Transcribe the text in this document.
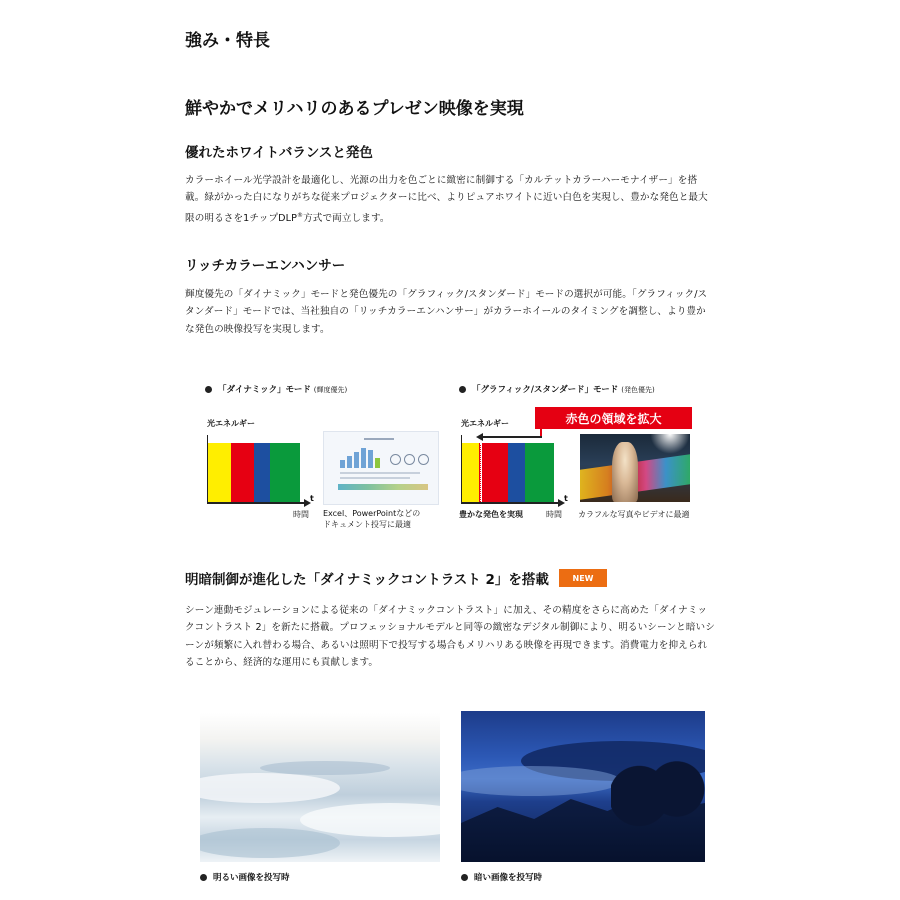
強み・特長
鮮やかでメリハリのあるプレゼン映像を実現
優れたホワイトバランスと発色
カラーホイール光学設計を最適化し、光源の出力を色ごとに緻密に制御する「カルテットカラーハーモナイザー」を搭載。緑がかった白になりがちな従来プロジェクターに比べ、よりピュアホワイトに近い白色を実現し、豊かな発色と最大限の明るさを1チップDLP®方式で両立します。
リッチカラーエンハンサー
輝度優先の「ダイナミック」モードと発色優先の「グラフィック/スタンダード」モードの選択が可能。「グラフィック/スタンダード」モードでは、当社独自の「リッチカラーエンハンサー」がカラーホイールのタイミングを調整し、より豊かな発色の映像投写を実現します。
「ダイナミック」モード (輝度優先)
光エネルギー
t
時間 Excel、PowerPointなどの
ドキュメント投写に最適
「グラフィック/スタンダード」モード (発色優先)
赤色の領域を拡大
光エネルギー
t
豊かな発色を実現	時間 カラフルな写真やビデオに最適
明暗制御が進化した「ダイナミックコントラスト 2」を搭載	NEW
シーン連動モジュレーションによる従来の「ダイナミックコントラスト」に加え、その精度をさらに高めた「ダイナミックコントラスト 2」を新たに搭載。プロフェッショナルモデルと同等の緻密なデジタル制御により、明るいシーンと暗いシーンが頻繁に入れ替わる場合、あるいは照明下で投写する場合もメリハリある映像を再現できます。消費電力を抑えられることから、経済的な運用にも貢献します。
明るい画像を投写時	暗い画像を投写時
